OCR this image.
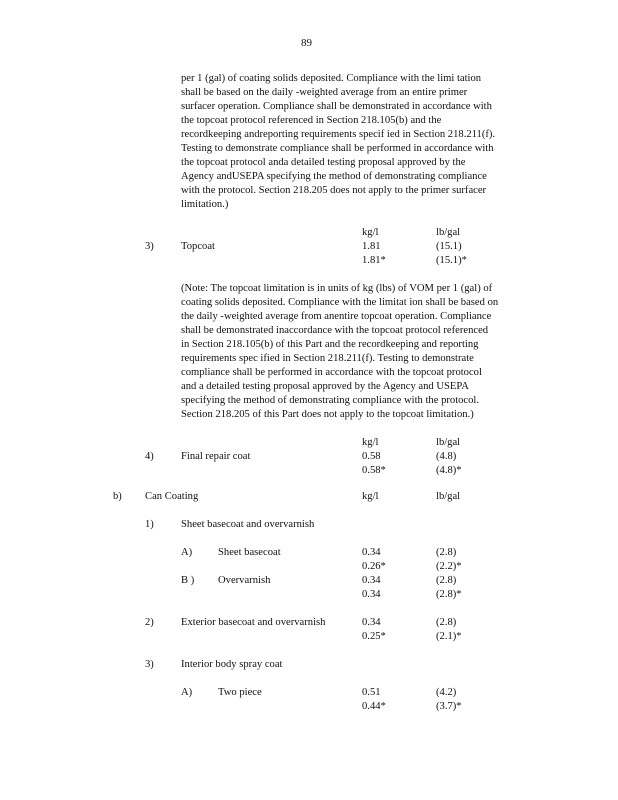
89
per 1 (gal) of coating solids deposited. Compliance with the limi tation
shall be based on the daily -weighted average from an entire primer
surfacer operation. Compliance shall be demonstrated in accordance with
the topcoat protocol referenced in Section 218.105(b) and the
recordkeeping andreporting requirements specif ied in Section 218.211(f).
Testing to demonstrate compliance shall be performed in accordance with
the topcoat protocol anda detailed testing proposal approved by the
Agency andUSEPA specifying the method of demonstrating compliance
with the protocol. Section 218.205 does not apply to the primer surfacer
limitation.)
kg/l	lb/gal
3)	Topcoat	1.81	(15.1)
1.81*	(15.1)*
(Note: The topcoat limitation is in units of kg (lbs) of VOM per 1 (gal) of
coating solids deposited. Compliance with the limitat ion shall be based on
the daily -weighted average from anentire topcoat operation. Compliance
shall be demonstrated inaccordance with the topcoat protocol referenced
in Section 218.105(b) of this Part and the recordkeeping and reporting
requirements spec ified in Section 218.211(f). Testing to demonstrate
compliance shall be performed in accordance with the topcoat protocol
and a detailed testing proposal approved by the Agency and USEPA
specifying the method of demonstrating compliance with the protocol.
Section 218.205 of this Part does not apply to the topcoat limitation.)
kg/l	lb/gal
4)	Final repair coat	0.58	(4.8)
0.58*	(4.8)*
b) Can Coating	kg/l	lb/gal
1)	Sheet basecoat and overvarnish
A) Sheet basecoat	0.34	(2.8)
0.26*	(2.2)*
B ) Overvarnish	0.34	(2.8)
0.34	(2.8)*
2)	Exterior basecoat and overvarnish	0.34	(2.8)
0.25*	(2.1)*
3)	Interior body spray coat
A) Two piece	0.51	(4.2)
0.44*	(3.7)*
